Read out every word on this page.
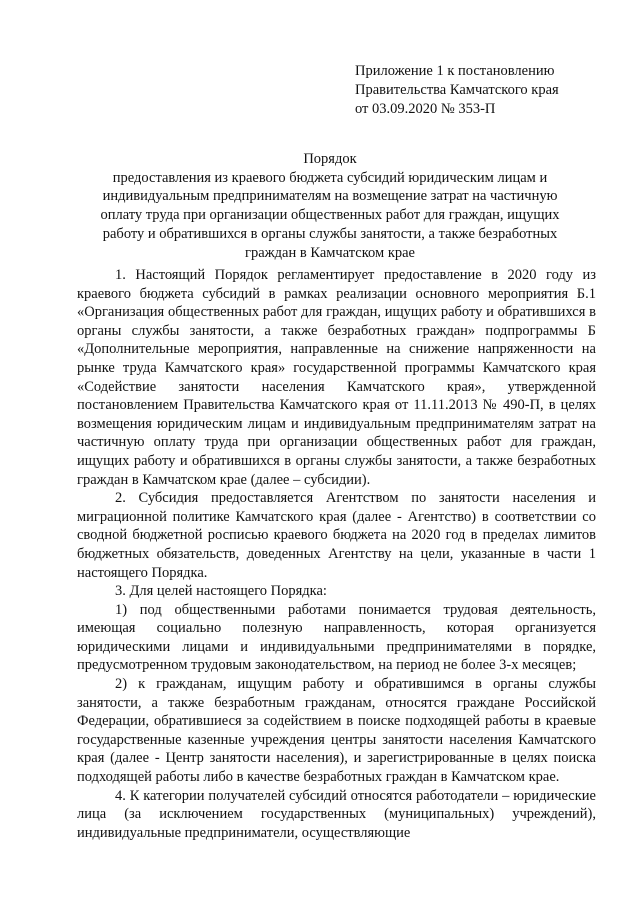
Приложение 1 к постановлению
Правительства Камчатского края
от 03.09.2020 № 353-П
Порядок
предоставления из краевого бюджета субсидий юридическим лицам и
индивидуальным предпринимателям на возмещение затрат на частичную
оплату труда при организации общественных работ для граждан, ищущих
работу и обратившихся в органы службы занятости, а также безработных
граждан в Камчатском крае

1. Настоящий Порядок регламентирует предоставление в 2020 году из краевого бюджета субсидий в рамках реализации основного мероприятия Б.1 «Организация общественных работ для граждан, ищущих работу и обратившихся в органы службы занятости, а также безработных граждан» подпрограммы Б «Дополнительные мероприятия, направленные на снижение напряженности на рынке труда Камчатского края» государственной программы Камчатского края «Содействие занятости населения Камчатского края», утвержденной постановлением Правительства Камчатского края от 11.11.2013 № 490-П, в целях возмещения юридическим лицам и индивидуальным предпринимателям затрат на частичную оплату труда при организации общественных работ для граждан, ищущих работу и обратившихся в органы службы занятости, а также безработных граждан в Камчатском крае (далее – субсидии).

2. Субсидия предоставляется Агентством по занятости населения и миграционной политике Камчатского края (далее - Агентство) в соответствии со сводной бюджетной росписью краевого бюджета на 2020 год в пределах лимитов бюджетных обязательств, доведенных Агентству на цели, указанные в части 1 настоящего Порядка.

3. Для целей настоящего Порядка:

1) под общественными работами понимается трудовая деятельность, имеющая социально полезную направленность, которая организуется юридическими лицами и индивидуальными предпринимателями в порядке, предусмотренном трудовым законодательством, на период не более 3-х месяцев;

2) к гражданам, ищущим работу и обратившимся в органы службы занятости, а также безработным гражданам, относятся граждане Российской Федерации, обратившиеся за содействием в поиске подходящей работы в краевые государственные казенные учреждения центры занятости населения Камчатского края (далее - Центр занятости населения), и зарегистрированные в целях поиска подходящей работы либо в качестве безработных граждан в Камчатском крае.

4. К категории получателей субсидий относятся работодатели – юридические лица (за исключением государственных (муниципальных) учреждений), индивидуальные предприниматели, осуществляющие
